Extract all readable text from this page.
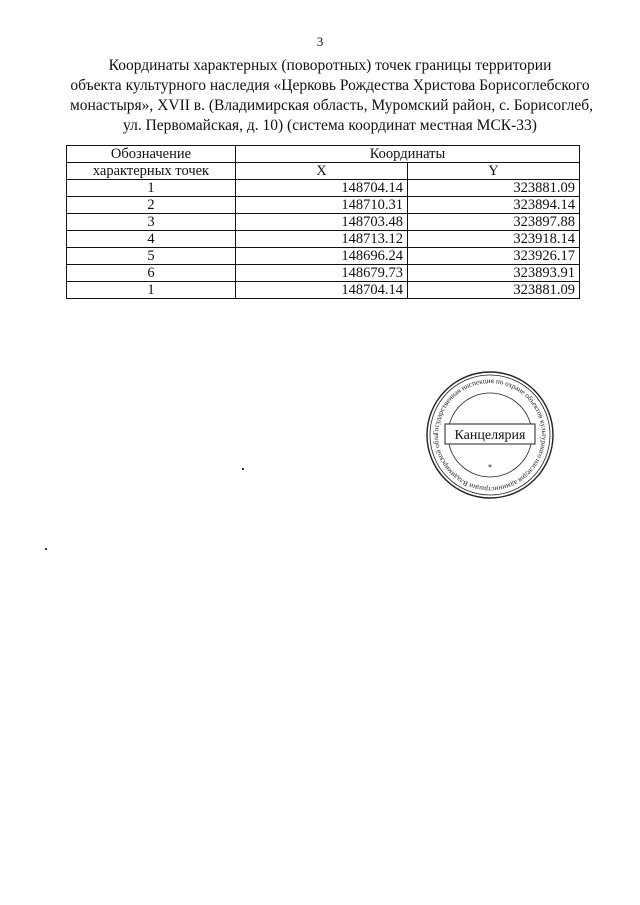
3
Координаты характерных (поворотных) точек границы территории
объекта культурного наследия «Церковь Рождества Христова Борисоглебского
монастыря», XVII в. (Владимирская область, Муромский район, с. Борисоглеб,
ул. Первомайская, д. 10) (система координат местная МСК-33)
Обозначение	Координаты	
характерных точек	X	Y
1	148704.14	323881.09
2	148710.31	323894.14
3	148703.48	323897.88
4	148713.12	323918.14
5	148696.24	323926.17
6	148679.73	323893.91
1	148704.14	323881.09
Государственная инспекция по охране объектов культурного наследия администрации Владимирской обла	Канцелярия
*
